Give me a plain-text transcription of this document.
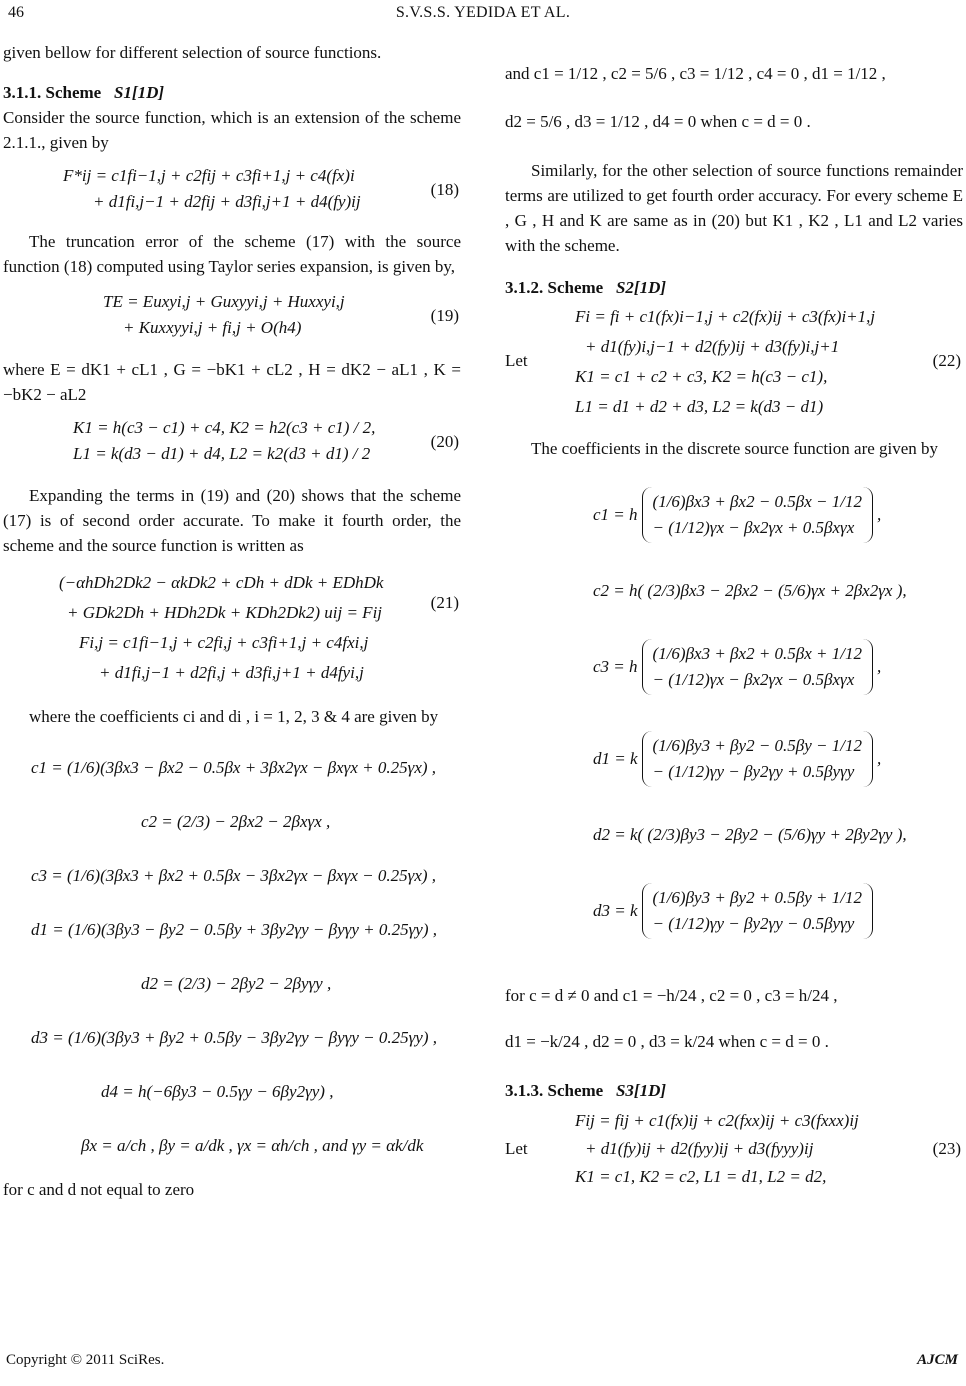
46	S.V.S.S. YEDIDA ET AL.

given bellow for different selection of source functions.

3.1.1. Scheme S1[1D]

Consider the source function, which is an extension of the scheme 2.1.1., given by

F*ij = c1fi−1,j + c2fij + c3fi+1,j + c4(fx)i
+ d1fi,j−1 + d2fij + d3fi,j+1 + d4(fy)ij
(18)

The truncation error of the scheme (17) with the source function (18) computed using Taylor series expansion, is given by,

TE = Euxyi,j + Guxyyi,j + Huxxyi,j
+ Kuxxyyi,j + fi,j + O(h4)
(19)

where E = dK1 + cL1 , G = −bK1 + cL2 , H = dK2 − aL1 , K = −bK2 − aL2

K1 = h(c3 − c1) + c4, K2 = h2(c3 + c1) / 2,
L1 = k(d3 − d1) + d4, L2 = k2(d3 + d1) / 2
(20)

Expanding the terms in (19) and (20) shows that the scheme (17) is of second order accurate. To make it fourth order, the scheme and the source function is written as

(−αhDh2Dk2 − αkDk2 + cDh + dDk + EDhDk
+ GDk2Dh + HDh2Dk + KDh2Dk2) uij = Fij
Fi,j = c1fi−1,j + c2fi,j + c3fi+1,j + c4fxi,j
+ d1fi,j−1 + d2fi,j + d3fi,j+1 + d4fyi,j
(21)

where the coefficients ci and di , i = 1, 2, 3 & 4 are given by

c1 = (1/6)(3βx3 − βx2 − 0.5βx + 3βx2γx − βxγx + 0.25γx) ,
c2 = (2/3) − 2βx2 − 2βxγx ,
c3 = (1/6)(3βx3 + βx2 + 0.5βx − 3βx2γx − βxγx − 0.25γx) ,
d1 = (1/6)(3βy3 − βy2 − 0.5βy + 3βy2γy − βyγy + 0.25γy) ,
d2 = (2/3) − 2βy2 − 2βyγy ,
d3 = (1/6)(3βy3 + βy2 + 0.5βy − 3βy2γy − βyγy − 0.25γy) ,
d4 = h(−6βy3 − 0.5γy − 6βy2γy) ,
βx = a/ch , βy = a/dk , γx = αh/ch , and γy = αk/dk

for c and d not equal to zero

and c1 = 1/12 , c2 = 5/6 , c3 = 1/12 , c4 = 0 , d1 = 1/12 ,
d2 = 5/6 , d3 = 1/12 , d4 = 0 when c = d = 0 .

Similarly, for the other selection of source functions remainder terms are utilized to get fourth order accuracy. For every scheme E , G , H and K are same as in (20) but K1 , K2 , L1 and L2 varies with the scheme.

3.1.2. Scheme S2[1D]
Let
Fi = fi + c1(fx)i−1,j + c2(fx)ij + c3(fx)i+1,j
+ d1(fy)i,j−1 + d2(fy)ij + d3(fy)i,j+1
K1 = c1 + c2 + c3, K2 = h(c3 − c1),
L1 = d1 + d2 + d3, L2 = k(d3 − d1)
(22)

The coefficients in the discrete source function are given by

c1 = h
(1/6)βx3 + βx2 − 0.5βx − 1/12
− (1/12)γx − βx2γx + 0.5βxγx
,
c2 = h( (2/3)βx3 − 2βx2 − (5/6)γx + 2βx2γx ),
c3 = h
(1/6)βx3 + βx2 + 0.5βx + 1/12
− (1/12)γx − βx2γx − 0.5βxγx
,
d1 = k
(1/6)βy3 + βy2 − 0.5βy − 1/12
− (1/12)γy − βy2γy + 0.5βyγy
,
d2 = k( (2/3)βy3 − 2βy2 − (5/6)γy + 2βy2γy ),
d3 = k
(1/6)βy3 + βy2 + 0.5βy + 1/12
− (1/12)γy − βy2γy − 0.5βyγy
for c = d ≠ 0 and c1 = −h/24 , c2 = 0 , c3 = h/24 ,
d1 = −k/24 , d2 = 0 , d3 = k/24 when c = d = 0 .
3.1.3. Scheme S3[1D]
Let
Fij = fij + c1(fx)ij + c2(fxx)ij + c3(fxxx)ij
+ d1(fy)ij + d2(fyy)ij + d3(fyyy)ij
K1 = c1, K2 = c2, L1 = d1, L2 = d2,
(23)
Copyright © 2011 SciRes.	AJCM
